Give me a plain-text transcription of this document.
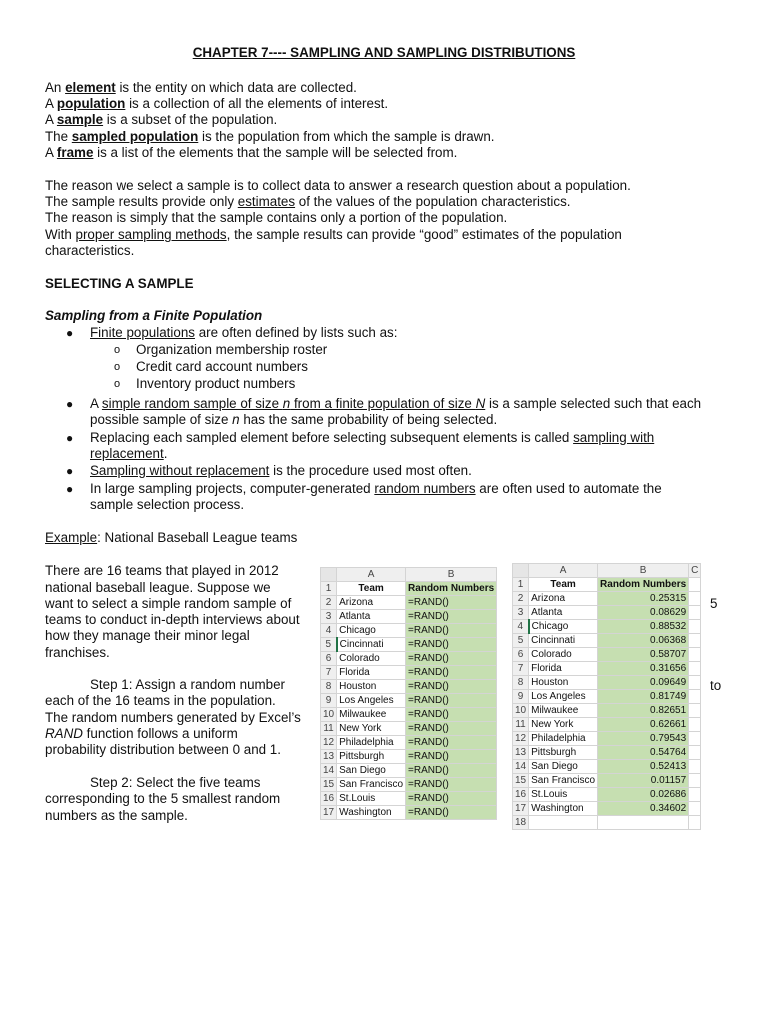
CHAPTER 7---- SAMPLING AND SAMPLING DISTRIBUTIONS
An element is the entity on which data are collected.
A population is a collection of all the elements of interest.
A sample is a subset of the population.
The sampled population is the population from which the sample is drawn.
A frame is a list of the elements that the sample will be selected from.
The reason we select a sample is to collect data to answer a research question about a population.
The sample results provide only estimates of the values of the population characteristics.
The reason is simply that the sample contains only a portion of the population.
With proper sampling methods, the sample results can provide “good” estimates of the population
characteristics.
SELECTING A SAMPLE
Sampling from a Finite Population
● Finite populations are often defined by lists such as:
o Organization membership roster
o Credit card account numbers
o Inventory product numbers
● A simple random sample of size n from a finite population of size N is a sample selected such that each
possible sample of size n has the same probability of being selected.
● Replacing each sampled element before selecting subsequent elements is called sampling with
replacement.
● Sampling without replacement is the procedure used most often.
● In large sampling projects, computer-generated random numbers are often used to automate the
sample selection process.
Example: National Baseball League teams
There are 16 teams that played in 2012
national baseball league. Suppose we
want to select a simple random sample of
teams to conduct in-depth interviews about
how they manage their minor legal
franchises.
Step 1: Assign a random number
each of the 16 teams in the population.
The random numbers generated by Excel’s
RAND function follows a uniform
probability distribution between 0 and 1.
Step 2: Select the five teams
corresponding to the 5 smallest random
numbers as the sample.
5
to
	A	B
1	Team	Random Numbers
2	Arizona	=RAND()
3	Atlanta	=RAND()
4	Chicago	=RAND()
5	Cincinnati	=RAND()
6	Colorado	=RAND()
7	Florida	=RAND()
8	Houston	=RAND()
9	Los Angeles	=RAND()
10	Milwaukee	=RAND()
11	New York	=RAND()
12	Philadelphia	=RAND()
13	Pittsburgh	=RAND()
14	San Diego	=RAND()
15	San Francisco	=RAND()
16	St.Louis	=RAND()
17	Washington	=RAND()
	A	B	C
1	Team	Random Numbers	
2	Arizona	0.25315	
3	Atlanta	0.08629	
4	Chicago	0.88532	
5	Cincinnati	0.06368	
6	Colorado	0.58707	
7	Florida	0.31656	
8	Houston	0.09649	
9	Los Angeles	0.81749	
10	Milwaukee	0.82651	
11	New York	0.62661	
12	Philadelphia	0.79543	
13	Pittsburgh	0.54764	
14	San Diego	0.52413	
15	San Francisco	0.01157	
16	St.Louis	0.02686	
17	Washington	0.34602	
18			
